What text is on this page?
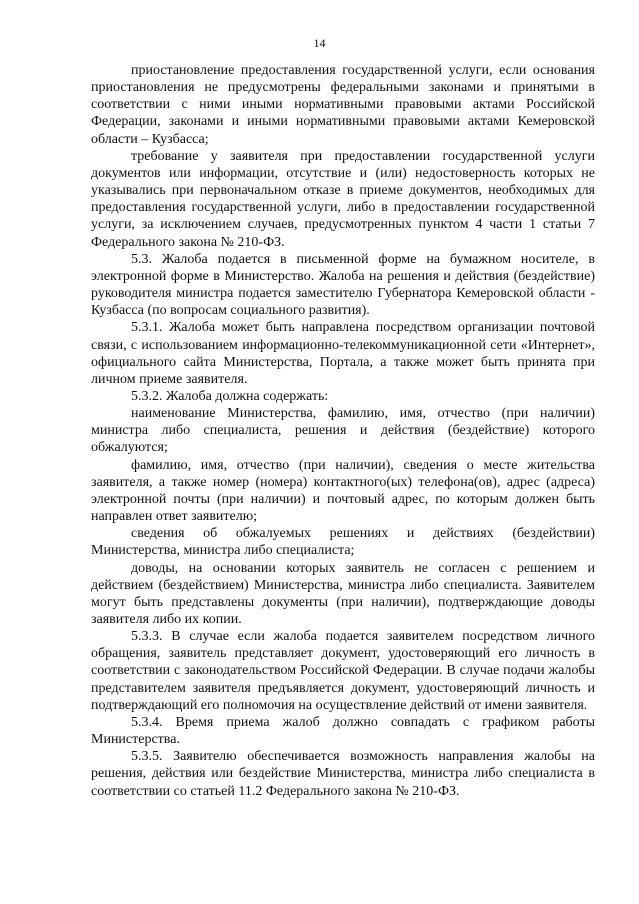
14

приостановление предоставления государственной услуги, если основания приостановления не предусмотрены федеральными законами и принятыми в соответствии с ними иными нормативными правовыми актами Российской Федерации, законами и иными нормативными правовыми актами Кемеровской области – Кузбасса;

требование у заявителя при предоставлении государственной услуги документов или информации, отсутствие и (или) недостоверность которых не указывались при первоначальном отказе в приеме документов, необходимых для предоставления государственной услуги, либо в предоставлении государственной услуги, за исключением случаев, предусмотренных пунктом 4 части 1 статьи 7 Федерального закона № 210-ФЗ.

5.3. Жалоба подается в письменной форме на бумажном носителе, в электронной форме в Министерство. Жалоба на решения и действия (бездействие) руководителя министра подается заместителю Губернатора Кемеровской области - Кузбасса (по вопросам социального развития).

5.3.1. Жалоба может быть направлена посредством организации почтовой связи, с использованием информационно-телекоммуникационной сети «Интернет», официального сайта Министерства, Портала, а также может быть принята при личном приеме заявителя.

5.3.2. Жалоба должна содержать:

наименование Министерства, фамилию, имя, отчество (при наличии) министра либо специалиста, решения и действия (бездействие) которого обжалуются;

фамилию, имя, отчество (при наличии), сведения о месте жительства заявителя, а также номер (номера) контактного(ых) телефона(ов), адрес (адреса) электронной почты (при наличии) и почтовый адрес, по которым должен быть направлен ответ заявителю;

сведения об обжалуемых решениях и действиях (бездействии) Министерства, министра либо специалиста;

доводы, на основании которых заявитель не согласен с решением и действием (бездействием) Министерства, министра либо специалиста. Заявителем могут быть представлены документы (при наличии), подтверждающие доводы заявителя либо их копии.

5.3.3. В случае если жалоба подается заявителем посредством личного обращения, заявитель представляет документ, удостоверяющий его личность в соответствии с законодательством Российской Федерации. В случае подачи жалобы представителем заявителя предъявляется документ, удостоверяющий личность и подтверждающий его полномочия на осуществление действий от имени заявителя.

5.3.4. Время приема жалоб должно совпадать с графиком работы Министерства.

5.3.5. Заявителю обеспечивается возможность направления жалобы на решения, действия или бездействие Министерства, министра либо специалиста в соответствии со статьей 11.2 Федерального закона № 210-ФЗ.
